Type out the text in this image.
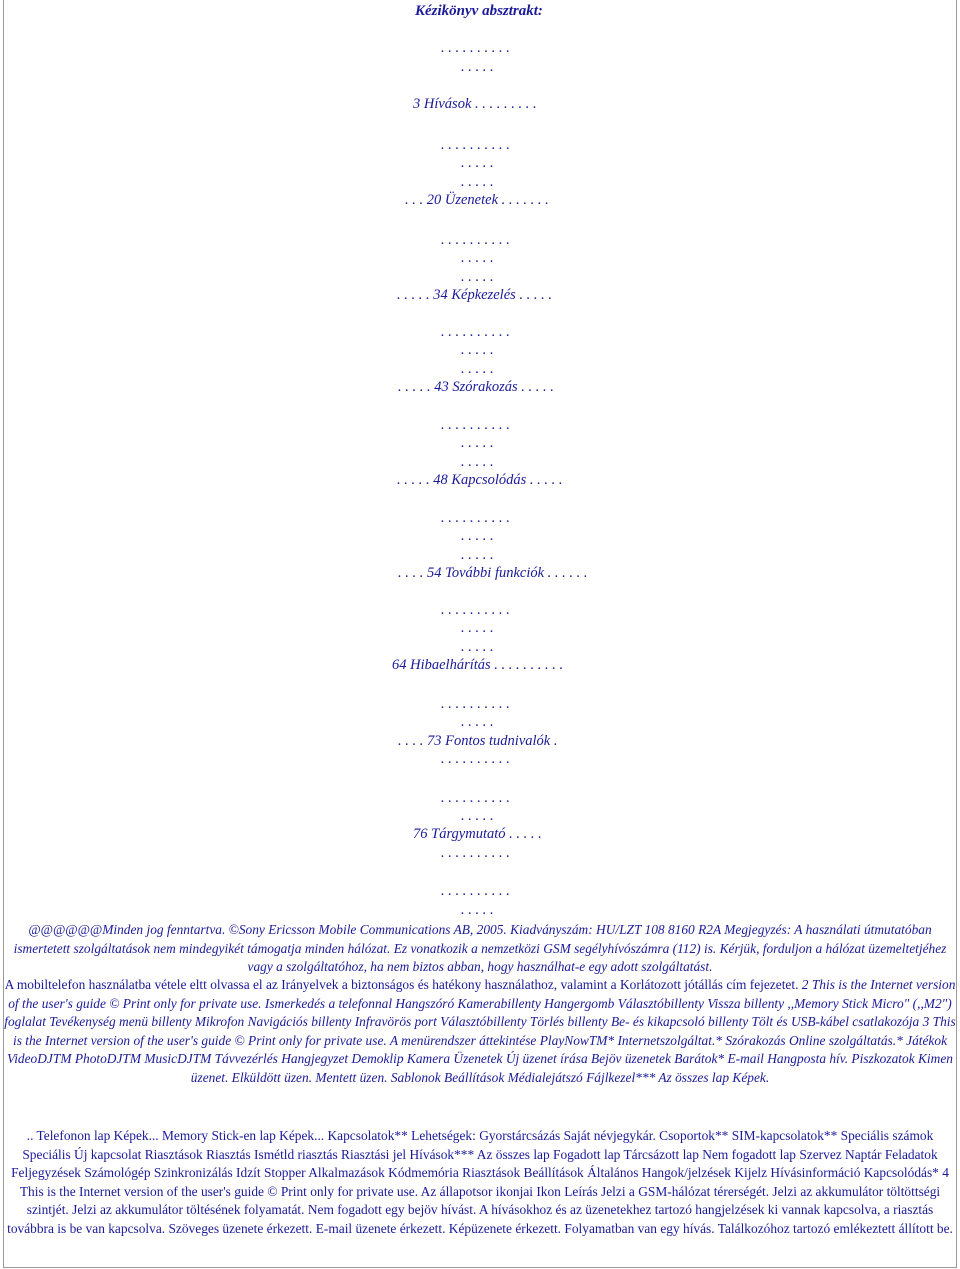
Kézikönyv absztrakt:
. . . . . . . . . .
. . . . .
3 Hívások . . . . . . . . .
. . . . . . . . . .
. . . . .
. . . . .
. . . 20 Üzenetek . . . . . . .
. . . . . . . . . .
. . . . .
. . . . .
. . . . . 34 Képkezelés . . . . .
. . . . . . . . . .
. . . . .
. . . . .
. . . . . 43 Szórakozás . . . . .
. . . . . . . . . .
. . . . .
. . . . .
. . . . . 48 Kapcsolódás . . . . .
. . . . . . . . . .
. . . . .
. . . . .
. . . . 54 További funkciók . . . . . .
. . . . . . . . . .
. . . . .
. . . . .
64 Hibaelhárítás . . . . . . . . . .
. . . . . . . . . .
. . . . .
. . . . 73 Fontos tudnivalók .
. . . . . . . . . .
. . . . . . . . . .
. . . . .
76 Tárgymutató . . . . .
. . . . . . . . . .
. . . . . . . . . .
. . . . .
@@@@@@Minden jog fenntartva. ©Sony Ericsson Mobile Communications AB, 2005. Kiadványszám: HU/LZT 108 8160 R2A Megjegyzés: A használati útmutatóban ismertetett szolgáltatások nem mindegyikét támogatja minden hálózat. Ez vonatkozik a nemzetközi GSM segélyhívószámra (112) is. Kérjük, forduljon a hálózat üzemeltetjéhez vagy a szolgáltatóhoz, ha nem biztos abban, hogy használhat-e egy adott szolgáltatást.
A mobiltelefon használatba vétele eltt olvassa el az Irányelvek a biztonságos és hatékony használathoz, valamint a Korlátozott jótállás cím fejezetet. 2 This is the Internet version of the user's guide © Print only for private use. Ismerkedés a telefonnal Hangszóró Kamerabillenty Hangergomb Választóbillenty Vissza billenty ,,Memory Stick Micro" (,,M2") foglalat Tevékenység menü billenty Mikrofon Navigációs billenty Infravörös port Választóbillenty Törlés billenty Be- és kikapcsoló billenty Tölt és USB-kábel csatlakozója 3 This is the Internet version of the user's guide © Print only for private use. A menürendszer áttekintése PlayNowTM* Internetszolgáltat.* Szórakozás Online szolgáltatás.* Játékok VideoDJTM PhotoDJTM MusicDJTM Távvezérlés Hangjegyzet Demoklip Kamera Üzenetek Új üzenet írása Bejöv üzenetek Barátok* E-mail Hangposta hív. Piszkozatok Kimen üzenet. Elküldött üzen. Mentett üzen. Sablonok Beállítások Médialejátszó Fájlkezel*** Az összes lap Képek.
.. Telefonon lap Képek... Memory Stick-en lap Képek... Kapcsolatok** Lehetségek: Gyorstárcsázás Saját névjegykár. Csoportok** SIM-kapcsolatok** Speciális számok Speciális Új kapcsolat Riasztások Riasztás Ismétld riasztás Riasztási jel Hívások*** Az összes lap Fogadott lap Tárcsázott lap Nem fogadott lap Szervez Naptár Feladatok Feljegyzések Számológép Szinkronizálás Idzít Stopper Alkalmazások Kódmemória Riasztások Beállítások Általános Hangok/jelzések Kijelz Hívásinformáció Kapcsolódás* 4 This is the Internet version of the user's guide © Print only for private use. Az állapotsor ikonjai Ikon Leírás Jelzi a GSM-hálózat térerségét. Jelzi az akkumulátor töltöttségi szintjét. Jelzi az akkumulátor töltésének folyamatát. Nem fogadott egy bejöv hívást. A hívásokhoz és az üzenetekhez tartozó hangjelzések ki vannak kapcsolva, a riasztás továbbra is be van kapcsolva. Szöveges üzenete érkezett. E-mail üzenete érkezett. Képüzenete érkezett. Folyamatban van egy hívás. Találkozóhoz tartozó emlékeztett állított be.
